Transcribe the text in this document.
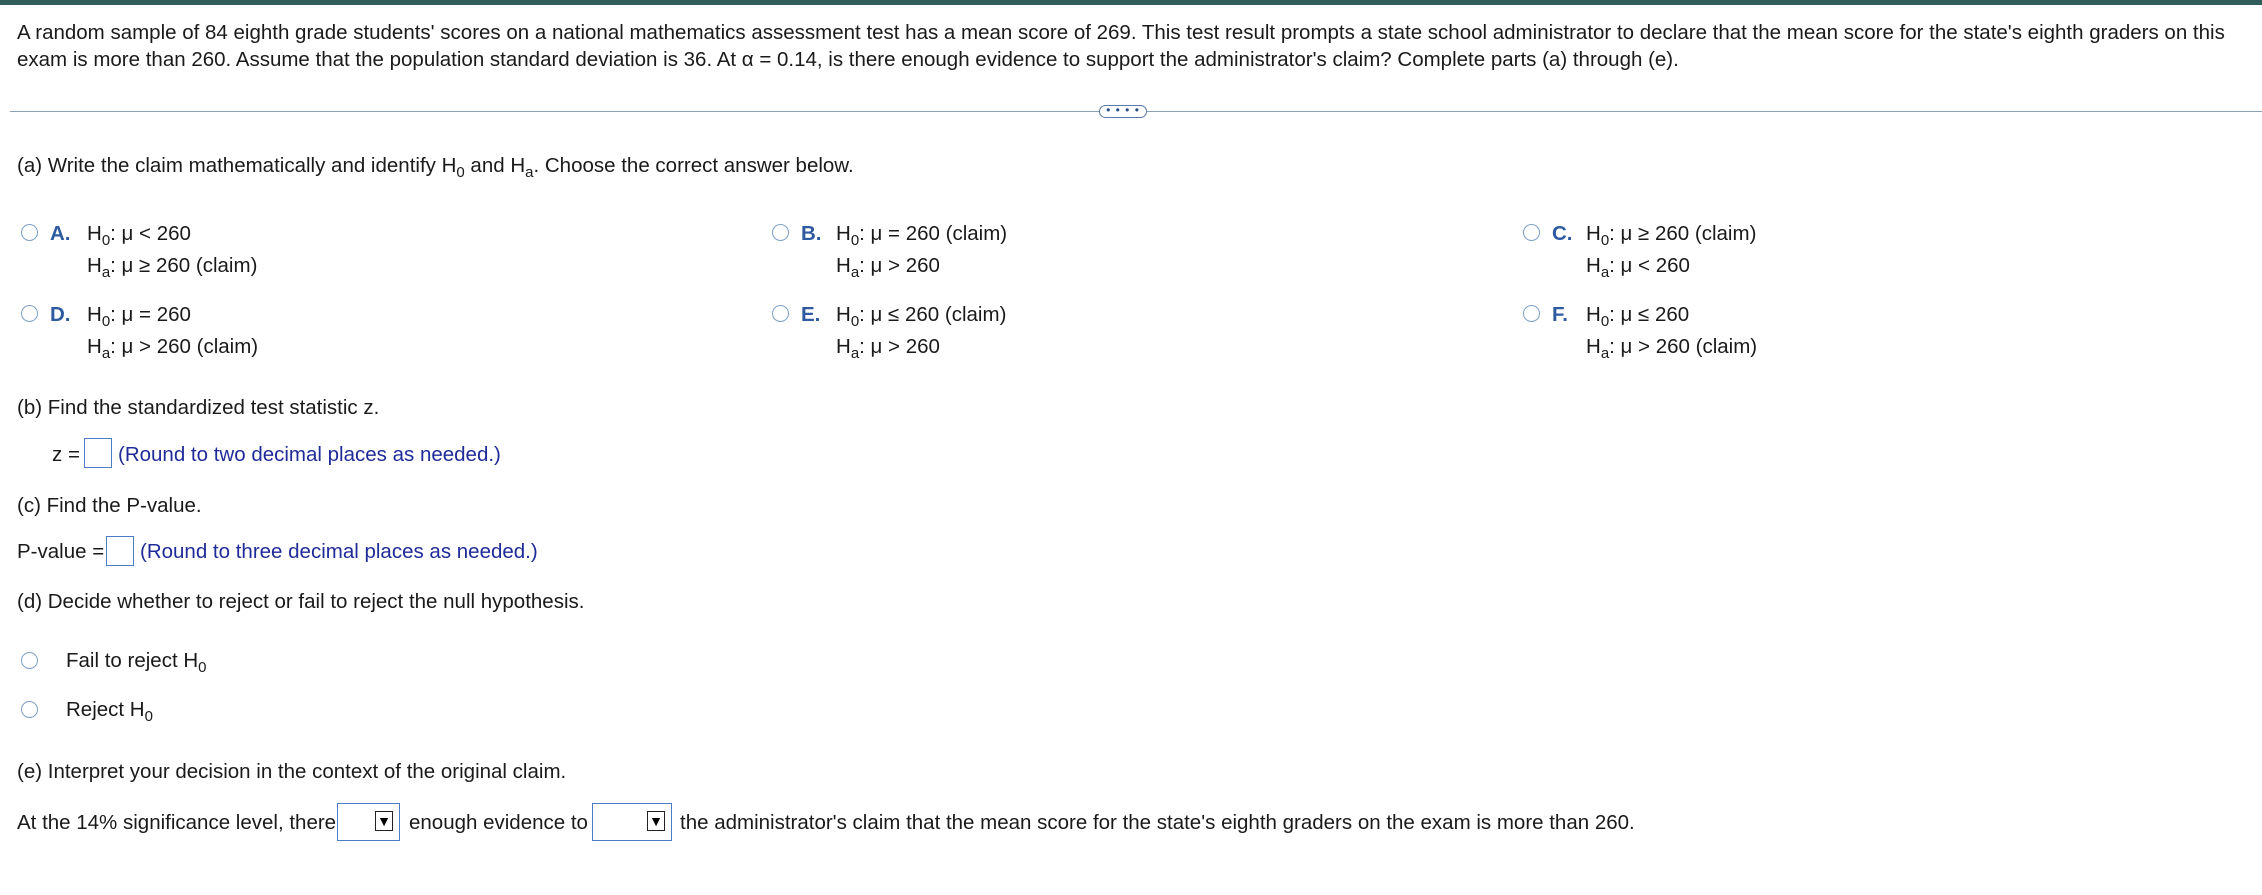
A random sample of 84 eighth grade students' scores on a national mathematics assessment test has a mean score of 269. This test result prompts a state school administrator to declare that the mean score for the state's eighth graders on this exam is more than 260. Assume that the population standard deviation is 36. At α = 0.14, is there enough evidence to support the administrator's claim? Complete parts (a) through (e).
• • • •
(a) Write the claim mathematically and identify $H_0$ and $H_a$. Choose the correct answer below.
A. $H_0$: μ < 260
$H_a$: μ ≥ 260 (claim)
B. $H_0$: μ = 260 (claim)
$H_a$: μ > 260
C. $H_0$: μ ≥ 260 (claim)
$H_a$: μ < 260
D. $H_0$: μ = 260
$H_a$: μ > 260 (claim)
E. $H_0$: μ ≤ 260 (claim)
$H_a$: μ > 260
F. $H_0$: μ ≤ 260
$H_a$: μ > 260 (claim)
(b) Find the standardized test statistic z.
z = (Round to two decimal places as needed.)
(c) Find the P-value.
P-value = (Round to three decimal places as needed.)
(d) Decide whether to reject or fail to reject the null hypothesis.
Fail to reject $H_0$
Reject $H_0$
(e) Interpret your decision in the context of the original claim.
At the 14% significance level, there	▼ enough evidence to	▼ the administrator's claim that the mean score for the state's eighth graders on the exam is more than 260.
